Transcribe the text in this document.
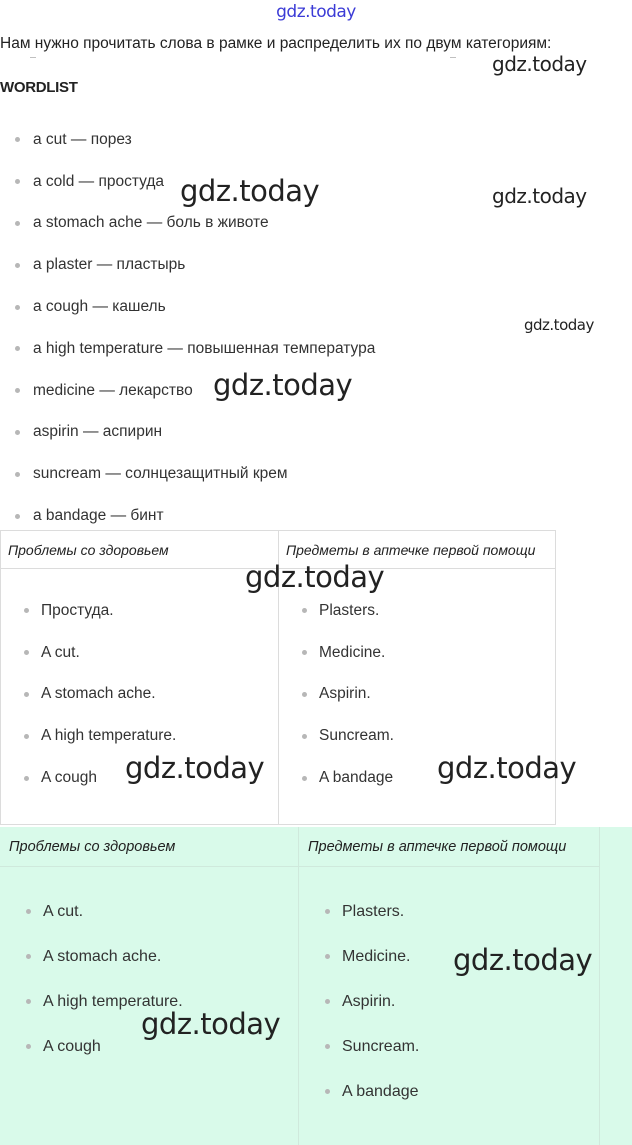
gdz.today
Нам нужно прочитать слова в рамке и распределить их по двум категориям:
WORDLIST
a cut — порез
a cold — простуда
a stomach ache — боль в животе
a plaster — пластырь
a cough — кашель
a high temperature — повышенная температура
medicine — лекарство
aspirin — аспирин
suncream — солнцезащитный крем
a bandage — бинт
Проблемы со здоровьем
Простуда.
A cut.
A stomach ache.
A high temperature.
A cough
Предметы в аптечке первой помощи
Plasters.
Medicine.
Aspirin.
Suncream.
A bandage
Проблемы со здоровьем
A cut.
A stomach ache.
A high temperature.
A cough
Предметы в аптечке первой помощи
Plasters.
Medicine.
Aspirin.
Suncream.
A bandage
gdz.today
gdz.today	gdz.today
gdz.today
gdz.today
gdz.today
gdz.today	gdz.today
gdz.today
gdz.today
